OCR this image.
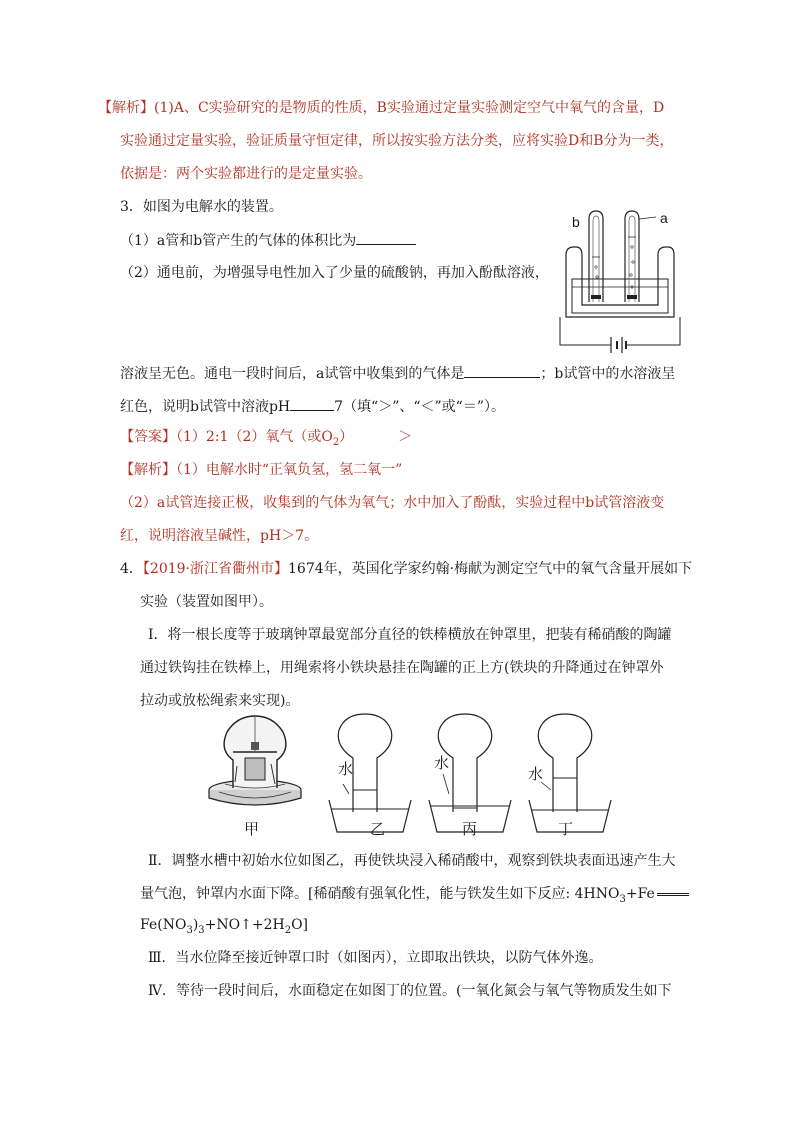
【解析】(1)A、C实验研究的是物质的性质，B实验通过定量实验测定空气中氧气的含量，D
实验通过定量实验，验证质量守恒定律，所以按实验方法分类，应将实验D和B分为一类，
依据是：两个实验都进行的是定量实验。
3．如图为电解水的装置。
（1）a管和b管产生的气体的体积比为
（2）通电前，为增强导电性加入了少量的硫酸钠，再加入酚酞溶液，
b	a
溶液呈无色。通电一段时间后，a试管中收集到的气体是	；b试管中的水溶液呈
红色，说明b试管中溶液pH	7（填“＞”、“＜”或“＝”）。
【答案】（1）2:1（2）氧气（或$O_2$）	＞
【解析】（1）电解水时“正氧负氢，氢二氧一”
（2）a试管连接正极，收集到的气体为氧气；水中加入了酚酞，实验过程中b试管溶液变
红，说明溶液呈碱性，pH＞7。
4．【2019·浙江省衢州市】1674年，英国化学家约翰·梅献为测定空气中的氧气含量开展如下
实验（装置如图甲）。
Ⅰ．将一根长度等于玻璃钟罩最宽部分直径的铁棒横放在钟罩里，把装有稀硝酸的陶罐
通过铁钩挂在铁棒上，用绳索将小铁块悬挂在陶罐的正上方(铁块的升降通过在钟罩外
拉动或放松绳索来实现)。
水	水
水
甲	乙	丙	丁
Ⅱ．调整水槽中初始水位如图乙，再使铁块浸入稀硝酸中，观察到铁块表面迅速产生大
量气泡，钟罩内水面下降。[稀硝酸有强氧化性，能与铁发生如下反应: $4HNO_3+Fe$
$Fe(NO_3)_3+NO↑+2H_2O$]
Ⅲ．当水位降至接近钟罩口时（如图丙），立即取出铁块，以防气体外逸。
Ⅳ．等待一段时间后，水面稳定在如图丁的位置。(一氧化氮会与氧气等物质发生如下
